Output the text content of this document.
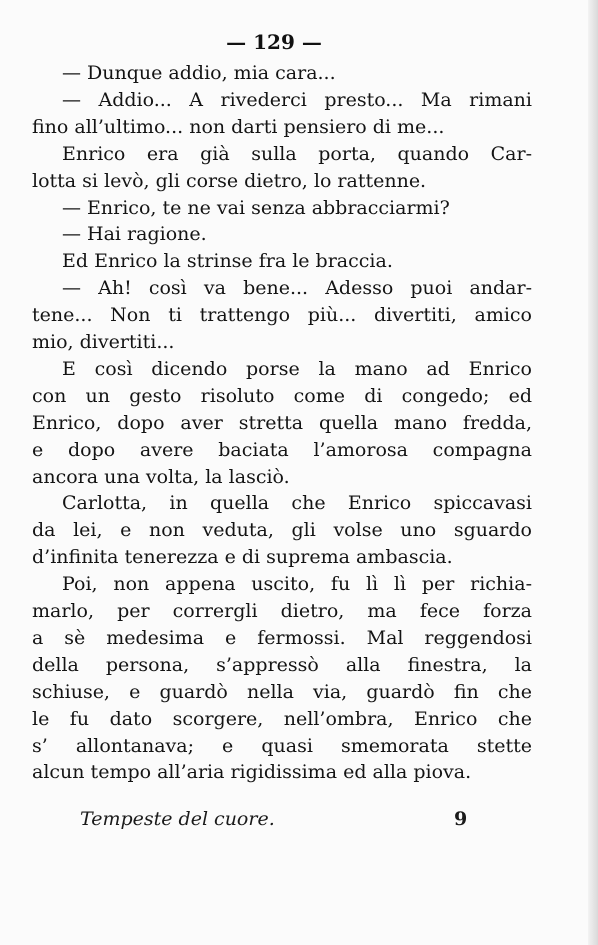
— 129 —
— Dunque addio, mia cara...
— Addio... A rivederci presto... Ma rimani
fino all’ultimo... non darti pensiero di me...
Enrico era già sulla porta, quando Car-
lotta si levò, gli corse dietro, lo rattenne.
— Enrico, te ne vai senza abbracciarmi?
— Hai ragione.
Ed Enrico la strinse fra le braccia.
— Ah! così va bene... Adesso puoi andar-
tene... Non ti trattengo più... divertiti, amico
mio, divertiti...
E così dicendo porse la mano ad Enrico
con un gesto risoluto come di congedo; ed
Enrico, dopo aver stretta quella mano fredda,
e dopo avere baciata l’amorosa compagna
ancora una volta, la lasciò.
Carlotta, in quella che Enrico spiccavasi
da lei, e non veduta, gli volse uno sguardo
d’infinita tenerezza e di suprema ambascia.
Poi, non appena uscito, fu lì lì per richia-
marlo, per corrergli dietro, ma fece forza
a sè medesima e fermossi. Mal reggendosi
della persona, s’appressò alla finestra, la
schiuse, e guardò nella via, guardò fin che
le fu dato scorgere, nell’ombra, Enrico che
s’ allontanava; e quasi smemorata stette
alcun tempo all’aria rigidissima ed alla piova.
Tempeste del cuore.	9
